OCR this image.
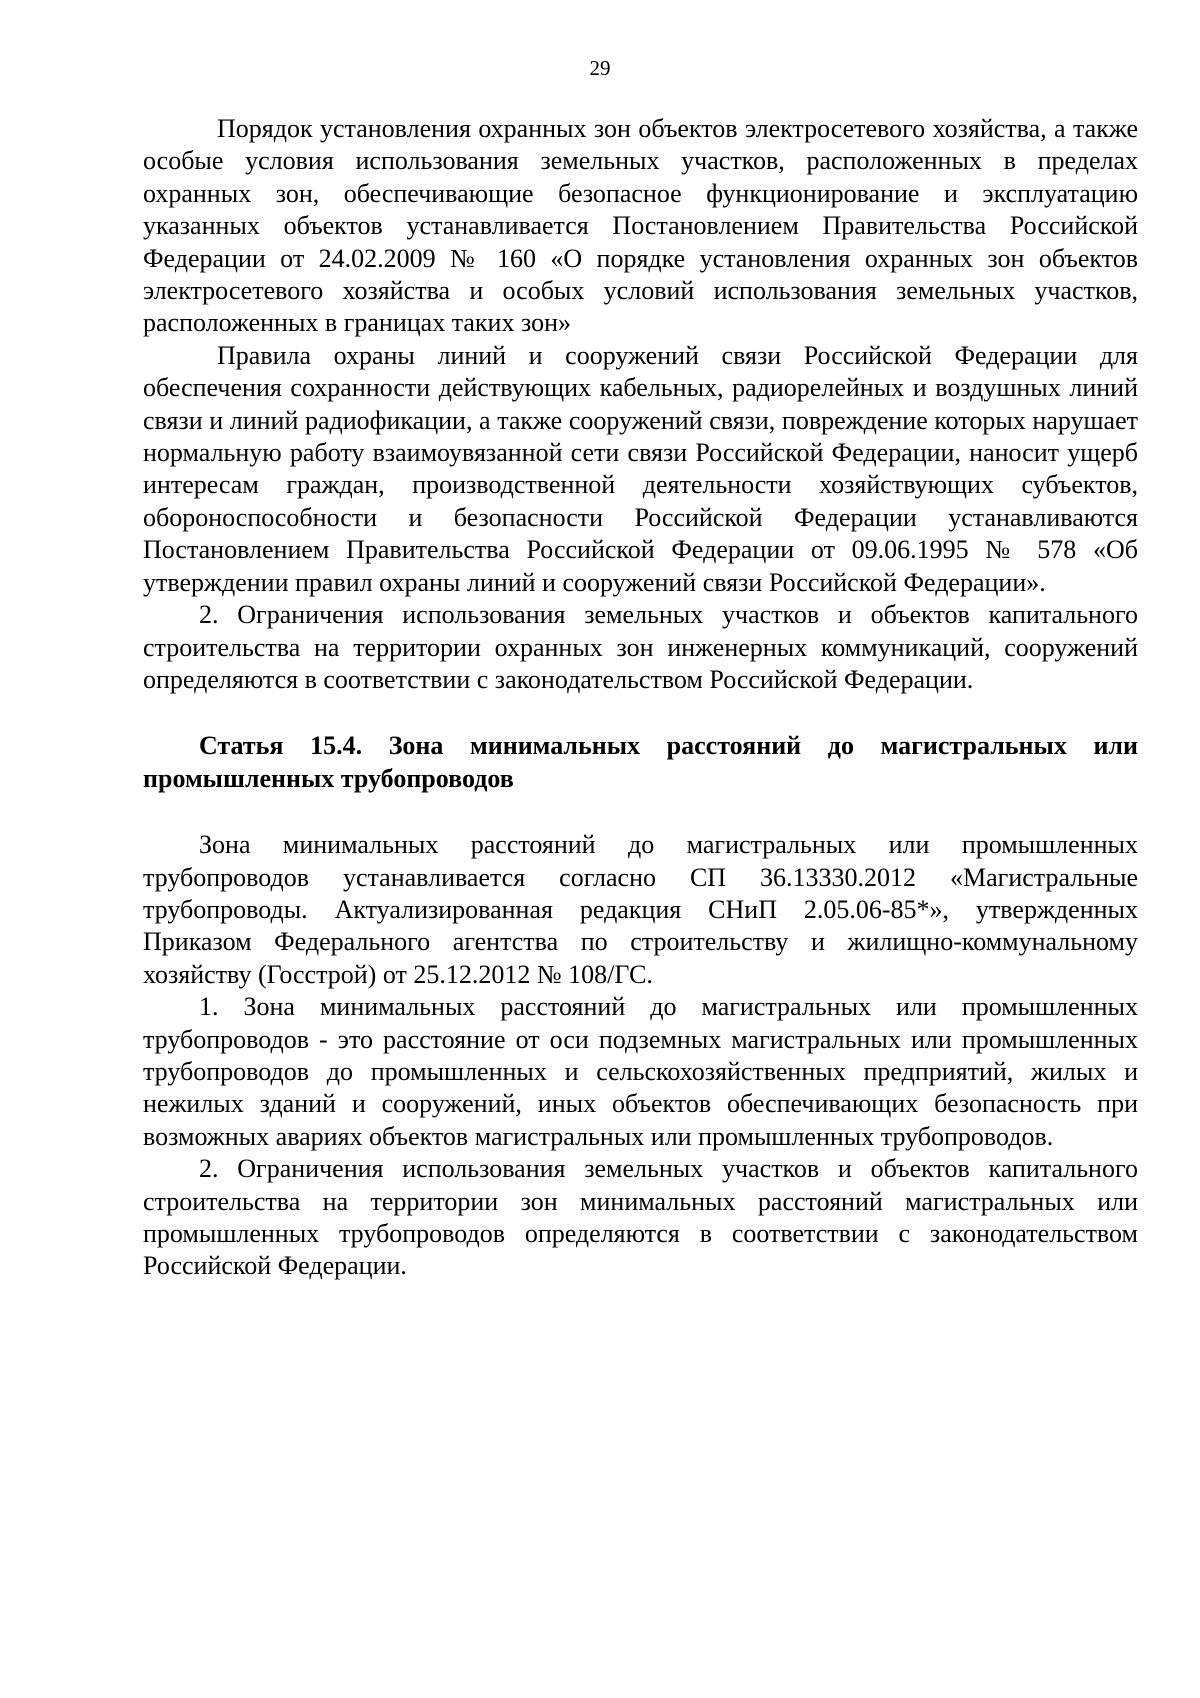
29

Порядок установления охранных зон объектов электросетевого хозяйства, а также особые условия использования земельных участков, расположенных в пределах охранных зон, обеспечивающие безопасное функционирование и эксплуатацию указанных объектов устанавливается Постановлением Правительства Российской Федерации от 24.02.2009 № 160 «О порядке установления охранных зон объектов электросетевого хозяйства и особых условий использования земельных участков, расположенных в границах таких зон»

Правила охраны линий и сооружений связи Российской Федерации для обеспечения сохранности действующих кабельных, радиорелейных и воздушных линий связи и линий радиофикации, а также сооружений связи, повреждение которых нарушает нормальную работу взаимоувязанной сети связи Российской Федерации, наносит ущерб интересам граждан, производственной деятельности хозяйствующих субъектов, обороноспособности и безопасности Российской Федерации устанавливаются Постановлением Правительства Российской Федерации от 09.06.1995 № 578 «Об утверждении правил охраны линий и сооружений связи Российской Федерации».

2. Ограничения использования земельных участков и объектов капитального строительства на территории охранных зон инженерных коммуникаций, сооружений определяются в соответствии с законодательством Российской Федерации.

Статья 15.4. Зона минимальных расстояний до магистральных или промышленных трубопроводов

Зона минимальных расстояний до магистральных или промышленных трубопроводов устанавливается согласно СП 36.13330.2012 «Магистральные трубопроводы. Актуализированная редакция СНиП 2.05.06-85*», утвержденных Приказом Федерального агентства по строительству и жилищно-коммунальному хозяйству (Госстрой) от 25.12.2012 № 108/ГС.

1. Зона минимальных расстояний до магистральных или промышленных трубопроводов - это расстояние от оси подземных магистральных или промышленных трубопроводов до промышленных и сельскохозяйственных предприятий, жилых и нежилых зданий и сооружений, иных объектов обеспечивающих безопасность при возможных авариях объектов магистральных или промышленных трубопроводов.

2. Ограничения использования земельных участков и объектов капитального строительства на территории зон минимальных расстояний магистральных или промышленных трубопроводов определяются в соответствии с законодательством Российской Федерации.
